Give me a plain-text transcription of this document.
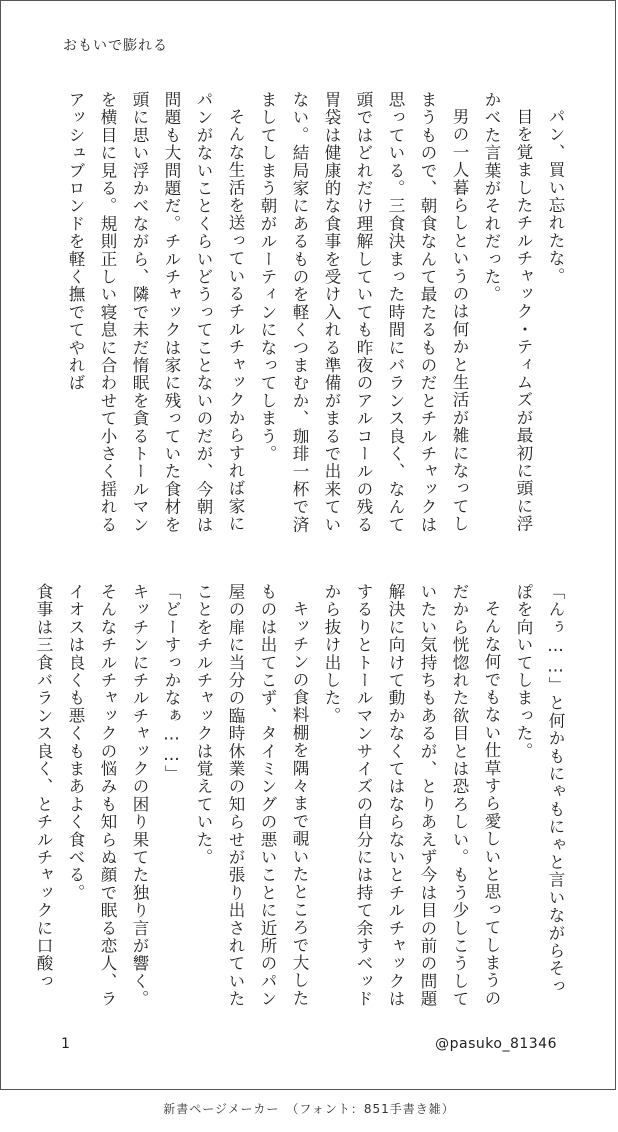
おもいで膨れる

パン、買い忘れたな。

目を覚ましたチルチャック・ティムズが最初に頭に浮かべた言葉がそれだった。

男の一人暮らしというのは何かと生活が雑になってしまうもので、朝食なんて最たるものだとチルチャックは思っている。三食決まった時間にバランス良く、なんて頭ではどれだけ理解していても昨夜のアルコールの残る胃袋は健康的な食事を受け入れる準備がまるで出来ていない。結局家にあるものを軽くつまむか、珈琲一杯で済ましてしまう朝がルーティンになってしまう。

そんな生活を送っているチルチャックからすれば家にパンがないことくらいどうってことないのだが、今朝は問題も大問題だ。チルチャックは家に残っていた食材を頭に思い浮かべながら、隣で未だ惰眠を貪るトールマンを横目に見る。規則正しい寝息に合わせて小さく揺れるアッシュブロンドを軽く撫でてやれば

「んぅ……」と何かもにゃもにゃと言いながらそっぽを向いてしまった。

そんな何でもない仕草すら愛しいと思ってしまうのだから恍惚れた欲目とは恐ろしい。もう少しこうしていたい気持ちもあるが、とりあえず今は目の前の問題解決に向けて動かなくてはならないとチルチャックはするりとトールマンサイズの自分には持て余すベッドから抜け出した。

キッチンの食料棚を隅々まで覗いたところで大したものは出てこず、タイミングの悪いことに近所のパン屋の扉に当分の臨時休業の知らせが張り出されていたことをチルチャックは覚えていた。

「どーすっかなぁ……」

キッチンにチルチャックの困り果てた独り言が響く。そんなチルチャックの悩みも知らぬ顔で眠る恋人、ライオスは良くも悪くもまあよく食べる。

食事は三食バランス良く、とチルチャックに口酸っ

1	@pasuko_81346
新書ページメーカー　（フォント：851手書き雑）
